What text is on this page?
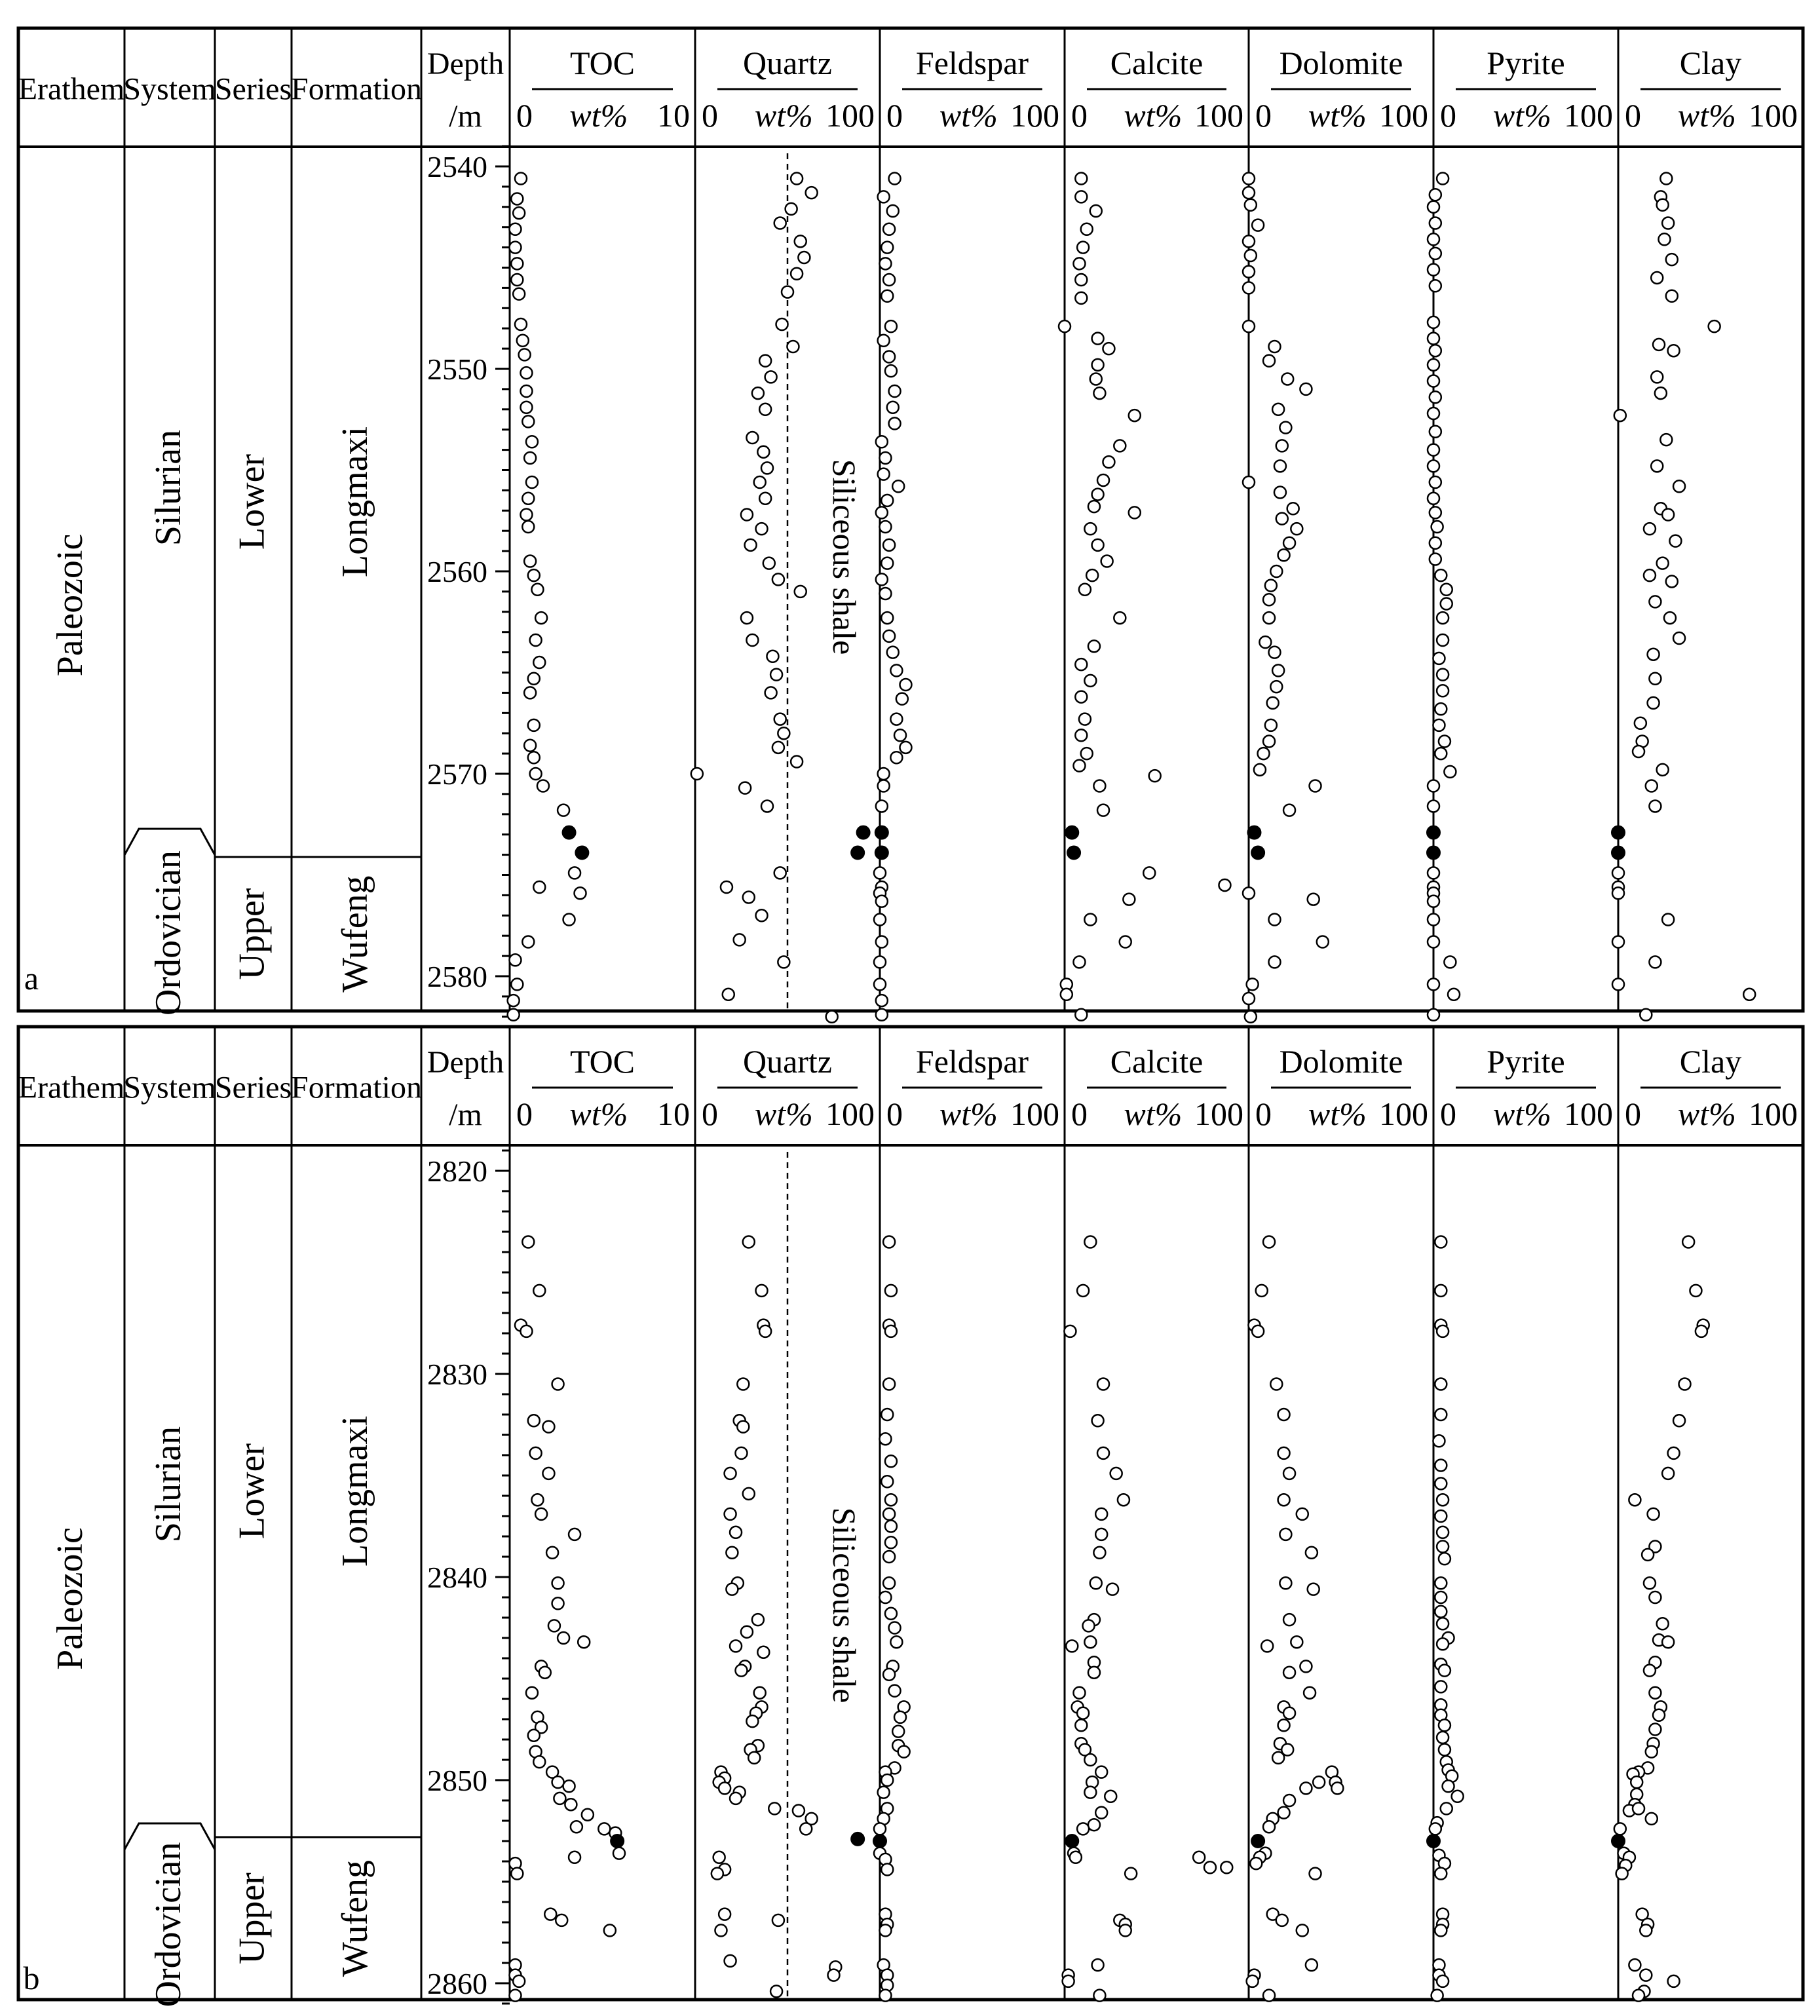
Erathem
System
Series
Formation
Depth
/m
2540
2550
2560
2570
2580
a
Paleozoic
Silurian
Ordovician
Lower
Upper
Longmaxi
Wufeng
TOC
0 wt% 10
Quartz
0 wt% 100
Siliceous shale
Feldspar
0 wt% 100
Calcite
0 wt% 100
Dolomite
0 wt% 100
Pyrite
0 wt% 100
Clay
0 wt% 100
Erathem
System
Series
Formation
Depth
/m
2820
2830
2840
2850
2860
b
Paleozoic
Silurian
Ordovician
Lower
Upper
Longmaxi
Wufeng
TOC
0 wt% 10
Quartz
0 wt% 100
Siliceous shale
Feldspar
0 wt% 100
Calcite
0 wt% 100
Dolomite
0 wt% 100
Pyrite
0 wt% 100
Clay
0 wt% 100
